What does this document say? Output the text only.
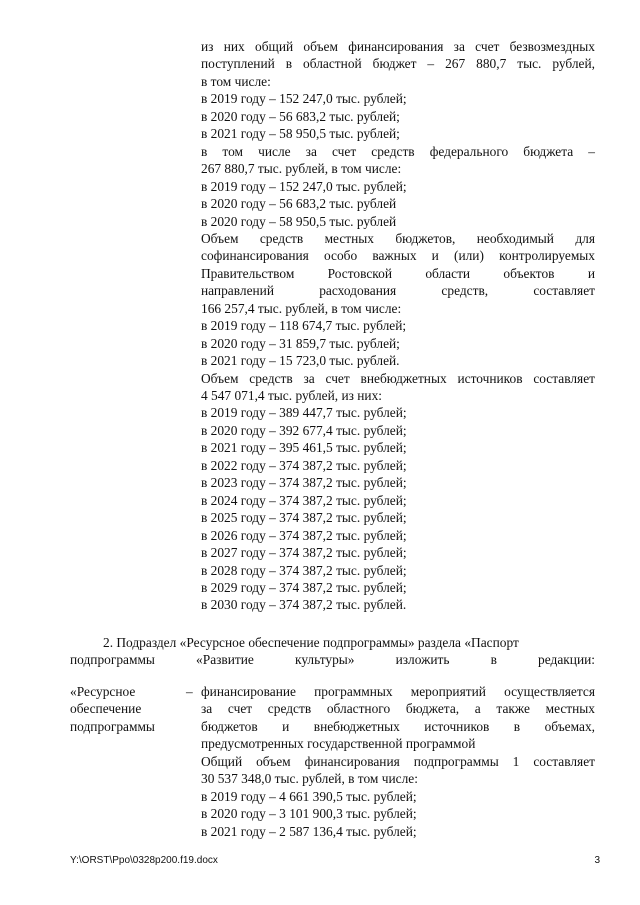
из них общий объем финансирования за счет безвозмездных
поступлений в областной бюджет – 267 880,7 тыс. рублей,
в том числе:
в 2019 году – 152 247,0 тыс. рублей;
в 2020 году – 56 683,2 тыс. рублей;
в 2021 году – 58 950,5 тыс. рублей;
в том числе за счет средств федерального бюджета –
267 880,7 тыс. рублей, в том числе:
в 2019 году – 152 247,0 тыс. рублей;
в 2020 году – 56 683,2 тыс. рублей
в 2020 году – 58 950,5 тыс. рублей
Объем средств местных бюджетов, необходимый для
софинансирования особо важных и (или) контролируемых
Правительством Ростовской области объектов и
направлений расходования средств, составляет
166 257,4 тыс. рублей, в том числе:
в 2019 году – 118 674,7 тыс. рублей;
в 2020 году – 31 859,7 тыс. рублей;
в 2021 году – 15 723,0 тыс. рублей.
Объем средств за счет внебюджетных источников составляет
4 547 071,4 тыс. рублей, из них:
в 2019 году – 389 447,7 тыс. рублей;
в 2020 году – 392 677,4 тыс. рублей;
в 2021 году – 395 461,5 тыс. рублей;
в 2022 году – 374 387,2 тыс. рублей;
в 2023 году – 374 387,2 тыс. рублей;
в 2024 году – 374 387,2 тыс. рублей;
в 2025 году – 374 387,2 тыс. рублей;
в 2026 году – 374 387,2 тыс. рублей;
в 2027 году – 374 387,2 тыс. рублей;
в 2028 году – 374 387,2 тыс. рублей;
в 2029 году – 374 387,2 тыс. рублей;
в 2030 году – 374 387,2 тыс. рублей.
2. Подраздел «Ресурсное обеспечение подпрограммы» раздела «Паспорт
подпрограммы «Развитие культуры» изложить в редакции:
«Ресурсное
обеспечение
подпрограммы
– финансирование программных мероприятий осуществляется
за счет средств областного бюджета, а также местных
бюджетов и внебюджетных источников в объемах,
предусмотренных государственной программой
Общий объем финансирования подпрограммы 1 составляет
30 537 348,0 тыс. рублей, в том числе:
в 2019 году – 4 661 390,5 тыс. рублей;
в 2020 году – 3 101 900,3 тыс. рублей;
в 2021 году – 2 587 136,4 тыс. рублей;
Y:\ORST\Ppo\0328p200.f19.docx	3
